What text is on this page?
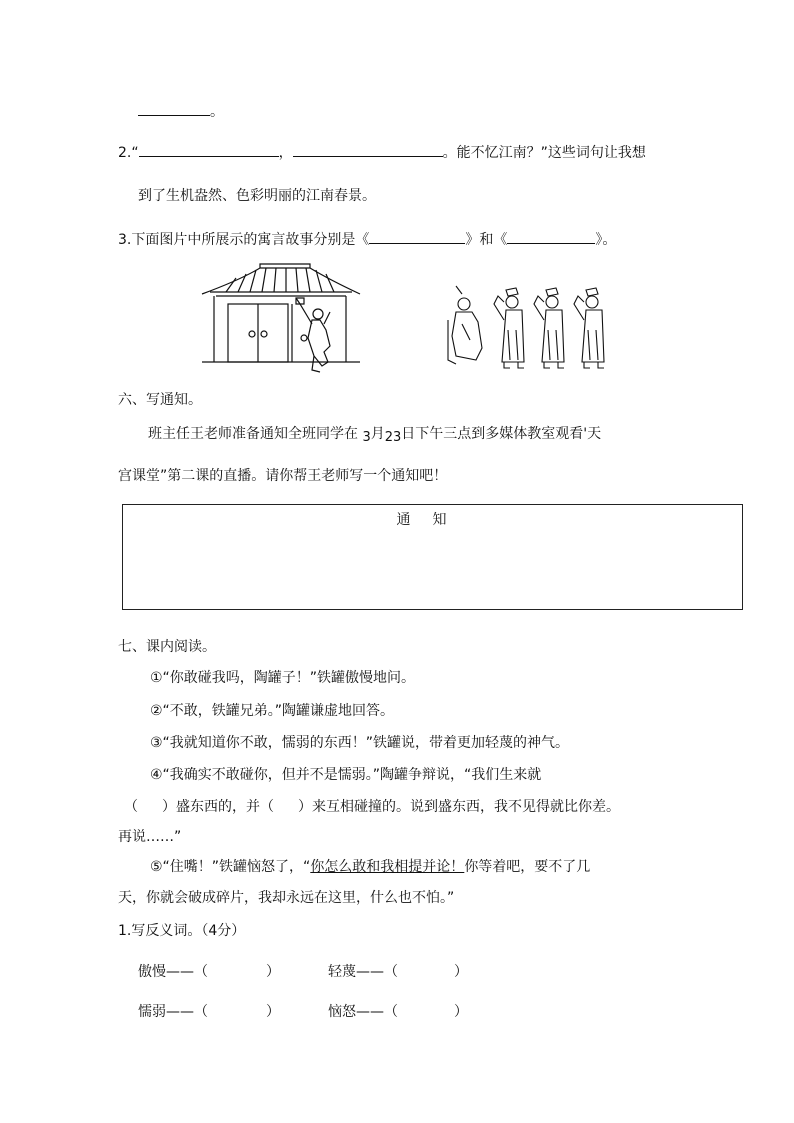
。
2.“	，	。能不忆江南？”这些词句让我想
到了生机盎然、色彩明丽的江南春景。
3.下面图片中所展示的寓言故事分别是《	》和《	》。
六、写通知。
班主任王老师准备通知全班同学在 3月23日下午三点到多媒体教室观看'天
宫课堂”第二课的直播。请你帮王老师写一个通知吧！
通知
七、课内阅读。
①“你敢碰我吗，陶罐子！”铁罐傲慢地问。
②“不敢，铁罐兄弟。”陶罐谦虚地回答。
③“我就知道你不敢，懦弱的东西！”铁罐说，带着更加轻蔑的神气。
④“我确实不敢碰你，但并不是懦弱。”陶罐争辩说，“我们生来就
（ ）盛东西的，并（ ）来互相碰撞的。说到盛东西，我不见得就比你差。
再说……”
⑤“住嘴！”铁罐恼怒了，“你怎么敢和我相提并论！你等着吧，要不了几
天，你就会破成碎片，我却永远在这里，什么也不怕。”
1.写反义词。（4分）
傲慢——（	）	轻蔑——（	）
懦弱——（	）	恼怒——（	）
